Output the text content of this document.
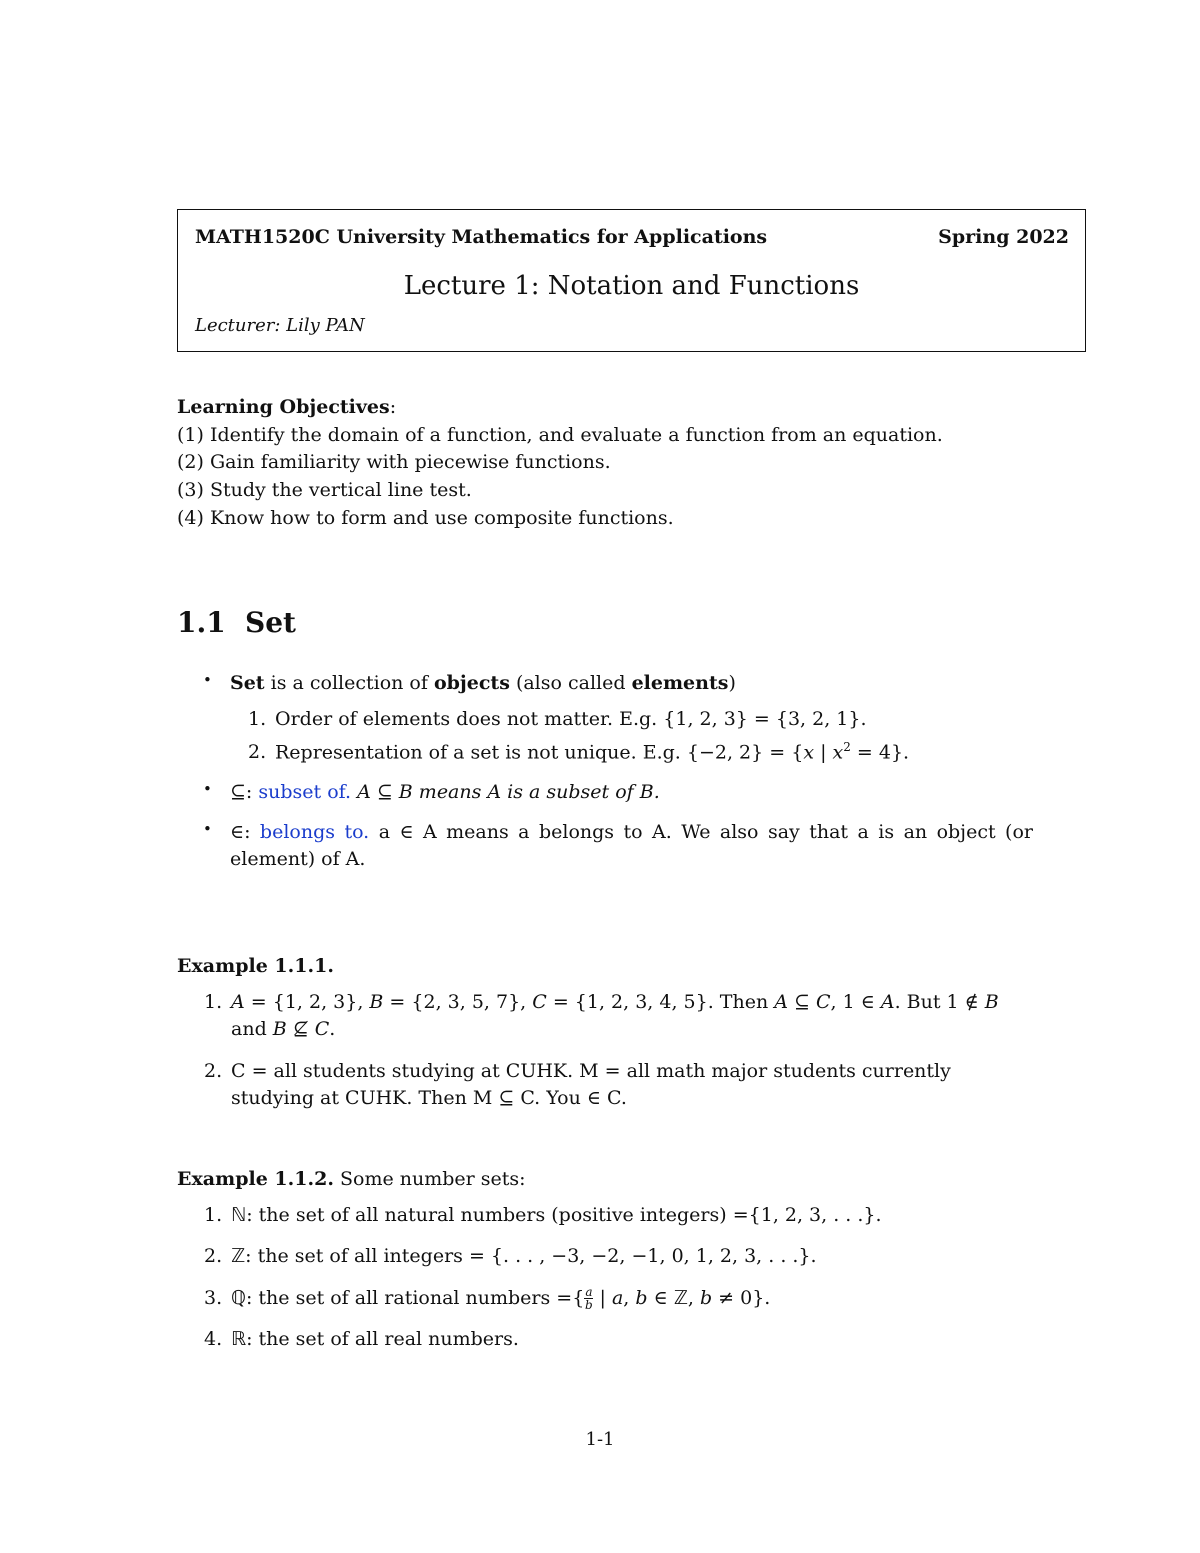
MATH1520C University Mathematics for Applications	Spring 2022
Lecture 1: Notation and Functions
Lecturer: Lily PAN
Learning Objectives:
(1) Identify the domain of a function, and evaluate a function from an equation.
(2) Gain familiarity with piecewise functions.
(3) Study the vertical line test.
(4) Know how to form and use composite functions.
1.1 Set
• Set is a collection of objects (also called elements)
1. Order of elements does not matter. E.g. {1, 2, 3} = {3, 2, 1}.
2. Representation of a set is not unique. E.g. {−2, 2} = {x | $x^2 = 4$}.
• ⊆: subset of. A ⊆ B means A is a subset of B.
• ∈: belongs to. a ∈ A means a belongs to A. We also say that a is an object (or element) of A.
Example 1.1.1.
1. A = {1, 2, 3}, B = {2, 3, 5, 7}, C = {1, 2, 3, 4, 5}. Then A ⊆ C, 1 ∈ A. But 1 ∉ B and B ⊈ C.
2. C = all students studying at CUHK. M = all math major students currently studying at CUHK. Then M ⊆ C. You ∈ C.
Example 1.1.2. Some number sets:
1. ℕ: the set of all natural numbers (positive integers) ={1, 2, 3, . . .}.
2. ℤ: the set of all integers = {. . . , −3, −2, −1, 0, 1, 2, 3, . . .}.
3. ℚ: the set of all rational numbers ={ $\frac{a}{b}$ | a, b ∈ ℤ, b ≠ 0}.
4. ℝ: the set of all real numbers.
1-1
